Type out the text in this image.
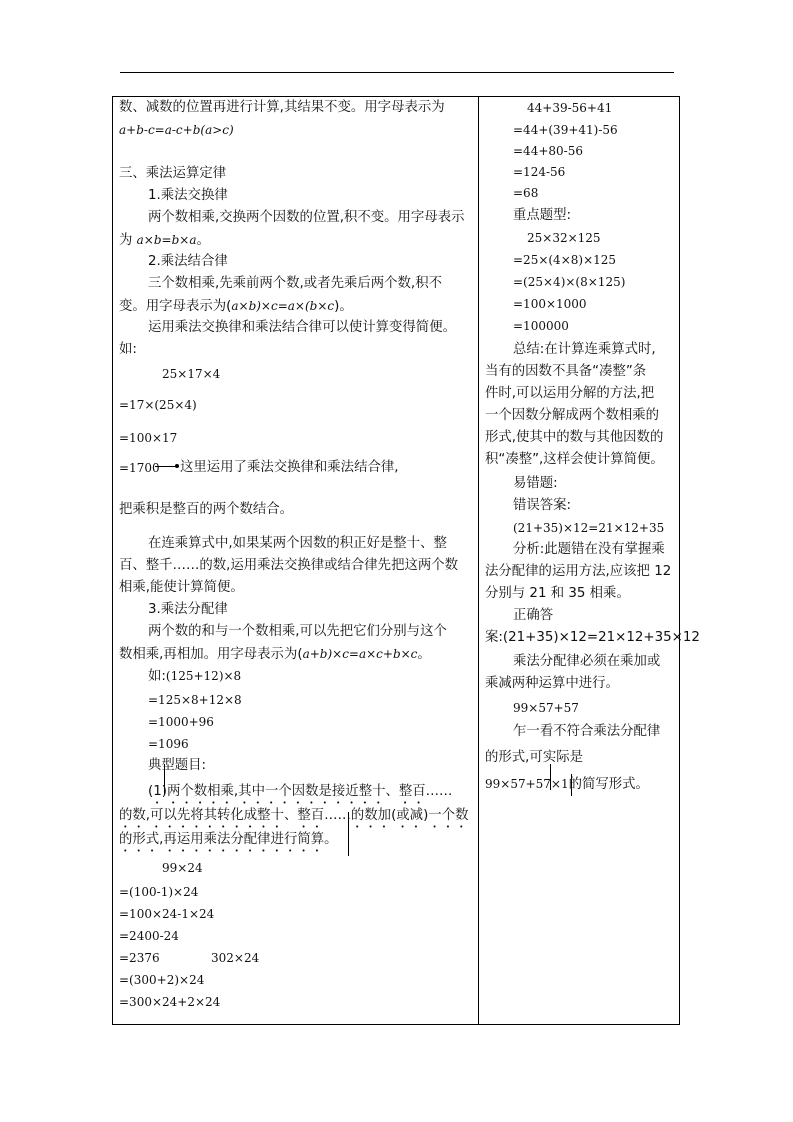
数、减数的位置再进行计算,其结果不变。用字母表示为
a+b-c=a-c+b(a>c)
三、乘法运算定律
1.乘法交换律
两个数相乘,交换两个因数的位置,积不变。用字母表示
为 a×b=b×a。
2.乘法结合律
三个数相乘,先乘前两个数,或者先乘后两个数,积不
变。用字母表示为(a×b)×c=a×(b×c)。
运用乘法交换律和乘法结合律可以使计算变得简便。
如:
25×17×4
=17×(25×4)
=100×17
=1700 这里运用了乘法交换律和乘法结合律,
把乘积是整百的两个数结合。
在连乘算式中,如果某两个因数的积正好是整十、整
百、整千……的数,运用乘法交换律或结合律先把这两个数
相乘,能使计算简便。
3.乘法分配律
两个数的和与一个数相乘,可以先把它们分别与这个
数相乘,再相加。用字母表示为(a+b)×c=a×c+b×c。
如:(125+12)×8
=125×8+12×8
=1000+96
=1096
典型题目:
(1)两个数相乘,其中一个因数是接近整十、整百……
的数,可以先将其转化成整十、整百……的数加(或减)一个数
的形式,再运用乘法分配律进行简算。
99×24
=(100-1)×24
=100×24-1×24
=2400-24
=2376	302×24
=(300+2)×24
=300×24+2×24
44+39-56+41
=44+(39+41)-56
=44+80-56
=124-56
=68
重点题型:
25×32×125
=25×(4×8)×125
=(25×4)×(8×125)
=100×1000
=100000
总结:在计算连乘算式时,
当有的因数不具备“凑整”条
件时,可以运用分解的方法,把
一个因数分解成两个数相乘的
形式,使其中的数与其他因数的
积“凑整”,这样会使计算简便。
易错题:
错误答案:
(21+35)×12=21×12+35
分析:此题错在没有掌握乘
法分配律的运用方法,应该把 12
分别与 21 和 35 相乘。
正确答
案:(21+35)×12=21×12+35×12
乘法分配律必须在乘加或
乘减两种运算中进行。
99×57+57
乍一看不符合乘法分配律
的形式,可实际是
99×57+57×1的简写形式。
